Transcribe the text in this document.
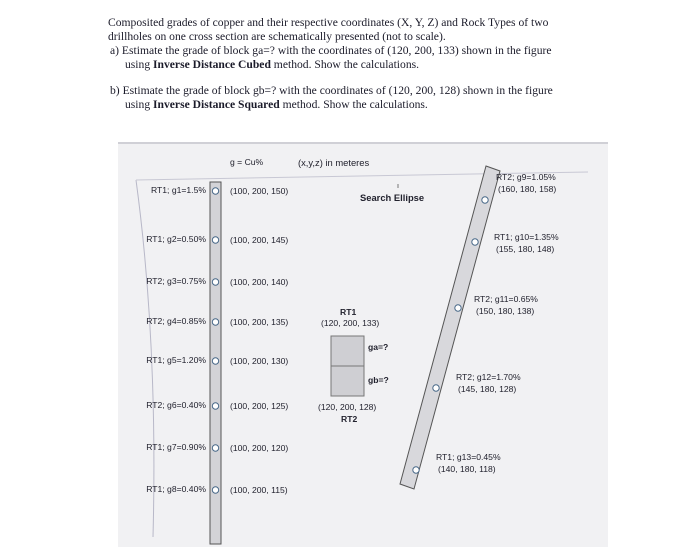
Composited grades of copper and their respective coordinates (X, Y, Z) and Rock Types of two
drillholes on one cross section are schematically presented (not to scale).
a) Estimate the grade of block ga=? with the coordinates of (120, 200, 133) shown in the figure
using Inverse Distance Cubed method. Show the calculations.
b) Estimate the grade of block gb=? with the coordinates of (120, 200, 128) shown in the figure
using Inverse Distance Squared method. Show the calculations.
g = Cu%	(x,y,z) in meteres
Search Ellipse
RT1; g1=1.5%	(100, 200, 150)
RT1; g2=0.50%	(100, 200, 145)
RT2; g3=0.75%	(100, 200, 140)
RT2; g4=0.85%	(100, 200, 135)
RT1; g5=1.20%	(100, 200, 130)
RT2; g6=0.40%	(100, 200, 125)
RT1; g7=0.90%	(100, 200, 120)
RT1; g8=0.40%	(100, 200, 115)
RT2; g9=1.05%
(160, 180, 158)
RT1; g10=1.35%
(155, 180, 148)
RT2; g11=0.65%
(150, 180, 138)
RT2; g12=1.70%
(145, 180, 128)
RT1; g13=0.45%
(140, 180, 118)
RT1
(120, 200, 133)
ga=?
gb=?
(120, 200, 128)
RT2
